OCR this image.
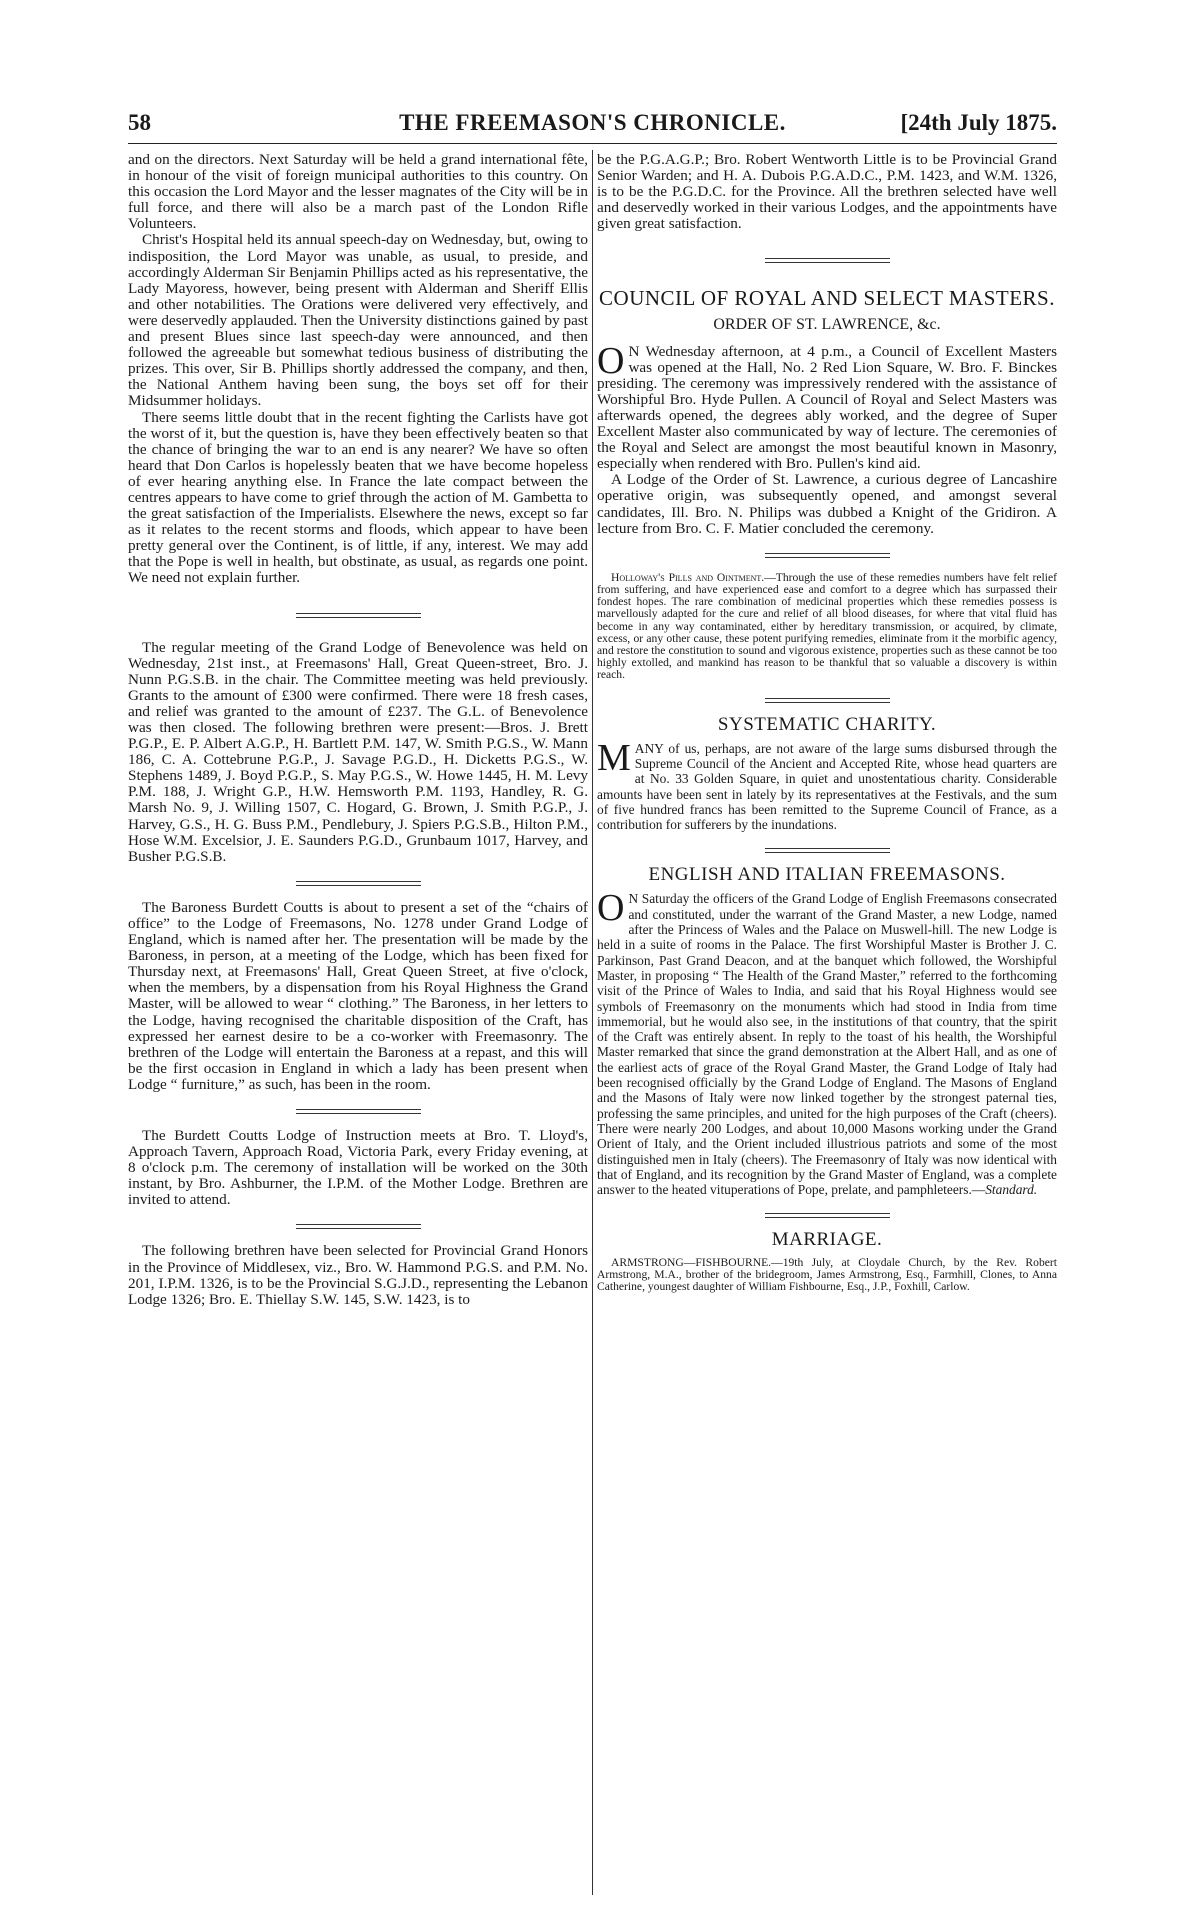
58	THE FREEMASON'S CHRONICLE.	[24th July 1875.

and on the directors. Next Saturday will be held a grand international fête, in honour of the visit of foreign municipal authorities to this country. On this occasion the Lord Mayor and the lesser magnates of the City will be in full force, and there will also be a march past of the London Rifle Volunteers.

Christ's Hospital held its annual speech-day on Wednesday, but, owing to indisposition, the Lord Mayor was unable, as usual, to preside, and accordingly Alderman Sir Benjamin Phillips acted as his representative, the Lady Mayoress, however, being present with Alderman and Sheriff Ellis and other notabilities. The Orations were delivered very effectively, and were deservedly applauded. Then the University distinctions gained by past and present Blues since last speech-day were announced, and then followed the agreeable but somewhat tedious business of distributing the prizes. This over, Sir B. Phillips shortly addressed the company, and then, the National Anthem having been sung, the boys set off for their Midsummer holidays.

There seems little doubt that in the recent fighting the Carlists have got the worst of it, but the question is, have they been effectively beaten so that the chance of bringing the war to an end is any nearer? We have so often heard that Don Carlos is hopelessly beaten that we have become hopeless of ever hearing anything else. In France the late compact between the centres appears to have come to grief through the action of M. Gambetta to the great satisfaction of the Imperialists. Elsewhere the news, except so far as it relates to the recent storms and floods, which appear to have been pretty general over the Continent, is of little, if any, interest. We may add that the Pope is well in health, but obstinate, as usual, as regards one point. We need not explain further.

The regular meeting of the Grand Lodge of Benevolence was held on Wednesday, 21st inst., at Freemasons' Hall, Great Queen-street, Bro. J. Nunn P.G.S.B. in the chair. The Committee meeting was held previously. Grants to the amount of £300 were confirmed. There were 18 fresh cases, and relief was granted to the amount of £237. The G.L. of Benevolence was then closed. The following brethren were present:—Bros. J. Brett P.G.P., E. P. Albert A.G.P., H. Bartlett P.M. 147, W. Smith P.G.S., W. Mann 186, C. A. Cottebrune P.G.P., J. Savage P.G.D., H. Dicketts P.G.S., W. Stephens 1489, J. Boyd P.G.P., S. May P.G.S., W. Howe 1445, H. M. Levy P.M. 188, J. Wright G.P., H.W. Hemsworth P.M. 1193, Handley, R. G. Marsh No. 9, J. Willing 1507, C. Hogard, G. Brown, J. Smith P.G.P., J. Harvey, G.S., H. G. Buss P.M., Pendlebury, J. Spiers P.G.S.B., Hilton P.M., Hose W.M. Excelsior, J. E. Saunders P.G.D., Grunbaum 1017, Harvey, and Busher P.G.S.B.

The Baroness Burdett Coutts is about to present a set of the “chairs of office” to the Lodge of Freemasons, No. 1278 under Grand Lodge of England, which is named after her. The presentation will be made by the Baroness, in person, at a meeting of the Lodge, which has been fixed for Thursday next, at Freemasons' Hall, Great Queen Street, at five o'clock, when the members, by a dispensation from his Royal Highness the Grand Master, will be allowed to wear “ clothing.” The Baroness, in her letters to the Lodge, having recognised the charitable disposition of the Craft, has expressed her earnest desire to be a co-worker with Freemasonry. The brethren of the Lodge will entertain the Baroness at a repast, and this will be the first occasion in England in which a lady has been present when Lodge “ furniture,” as such, has been in the room.

The Burdett Coutts Lodge of Instruction meets at Bro. T. Lloyd's, Approach Tavern, Approach Road, Victoria Park, every Friday evening, at 8 o'clock p.m. The ceremony of installation will be worked on the 30th instant, by Bro. Ashburner, the I.P.M. of the Mother Lodge. Brethren are invited to attend.

The following brethren have been selected for Provincial Grand Honors in the Province of Middlesex, viz., Bro. W. Hammond P.G.S. and P.M. No. 201, I.P.M. 1326, is to be the Provincial S.G.J.D., representing the Lebanon Lodge 1326; Bro. E. Thiellay S.W. 145, S.W. 1423, is to

be the P.G.A.G.P.; Bro. Robert Wentworth Little is to be Provincial Grand Senior Warden; and H. A. Dubois P.G.A.D.C., P.M. 1423, and W.M. 1326, is to be the P.G.D.C. for the Province. All the brethren selected have well and deservedly worked in their various Lodges, and the appointments have given great satisfaction.

COUNCIL OF ROYAL AND SELECT MASTERS.
ORDER OF ST. LAWRENCE, &c.

O N Wednesday afternoon, at 4 p.m., a Council of Excellent Masters was opened at the Hall, No. 2 Red Lion Square, W. Bro. F. Binckes presiding. The ceremony was impressively rendered with the assistance of Worshipful Bro. Hyde Pullen. A Council of Royal and Select Masters was afterwards opened, the degrees ably worked, and the degree of Super Excellent Master also communicated by way of lecture. The ceremonies of the Royal and Select are amongst the most beautiful known in Masonry, especially when rendered with Bro. Pullen's kind aid.

A Lodge of the Order of St. Lawrence, a curious degree of Lancashire operative origin, was subsequently opened, and amongst several candidates, Ill. Bro. N. Philips was dubbed a Knight of the Gridiron. A lecture from Bro. C. F. Matier concluded the ceremony.

Holloway's Pills and Ointment.—Through the use of these remedies numbers have felt relief from suffering, and have experienced ease and comfort to a degree which has surpassed their fondest hopes. The rare combination of medicinal properties which these remedies possess is marvellously adapted for the cure and relief of all blood diseases, for where that vital fluid has become in any way contaminated, either by hereditary transmission, or acquired, by climate, excess, or any other cause, these potent purifying remedies, eliminate from it the morbific agency, and restore the constitution to sound and vigorous existence, properties such as these cannot be too highly extolled, and mankind has reason to be thankful that so valuable a discovery is within reach.

SYSTEMATIC CHARITY.

MANY of us, perhaps, are not aware of the large sums disbursed through the Supreme Council of the Ancient and Accepted Rite, whose head quarters are at No. 33 Golden Square, in quiet and unostentatious charity. Considerable amounts have been sent in lately by its representatives at the Festivals, and the sum of five hundred francs has been remitted to the Supreme Council of France, as a contribution for sufferers by the inundations.

ENGLISH AND ITALIAN FREEMASONS.

O N Saturday the officers of the Grand Lodge of English Freemasons consecrated and constituted, under the warrant of the Grand Master, a new Lodge, named after the Princess of Wales and the Palace on Muswell-hill. The new Lodge is held in a suite of rooms in the Palace. The first Worshipful Master is Brother J. C. Parkinson, Past Grand Deacon, and at the banquet which followed, the Worshipful Master, in proposing “ The Health of the Grand Master,” referred to the forthcoming visit of the Prince of Wales to India, and said that his Royal Highness would see symbols of Freemasonry on the monuments which had stood in India from time immemorial, but he would also see, in the institutions of that country, that the spirit of the Craft was entirely absent. In reply to the toast of his health, the Worshipful Master remarked that since the grand demonstration at the Albert Hall, and as one of the earliest acts of grace of the Royal Grand Master, the Grand Lodge of Italy had been recognised officially by the Grand Lodge of England. The Masons of England and the Masons of Italy were now linked together by the strongest paternal ties, professing the same principles, and united for the high purposes of the Craft (cheers). There were nearly 200 Lodges, and about 10,000 Masons working under the Grand Orient of Italy, and the Orient included illustrious patriots and some of the most distinguished men in Italy (cheers). The Freemasonry of Italy was now identical with that of England, and its recognition by the Grand Master of England, was a complete answer to the heated vituperations of Pope, prelate, and pamphleteers.—Standard.

MARRIAGE.

ARMSTRONG—FISHBOURNE.—19th July, at Cloydale Church, by the Rev. Robert Armstrong, M.A., brother of the bridegroom, James Armstrong, Esq., Farmhill, Clones, to Anna Catherine, youngest daughter of William Fishbourne, Esq., J.P., Foxhill, Carlow.
